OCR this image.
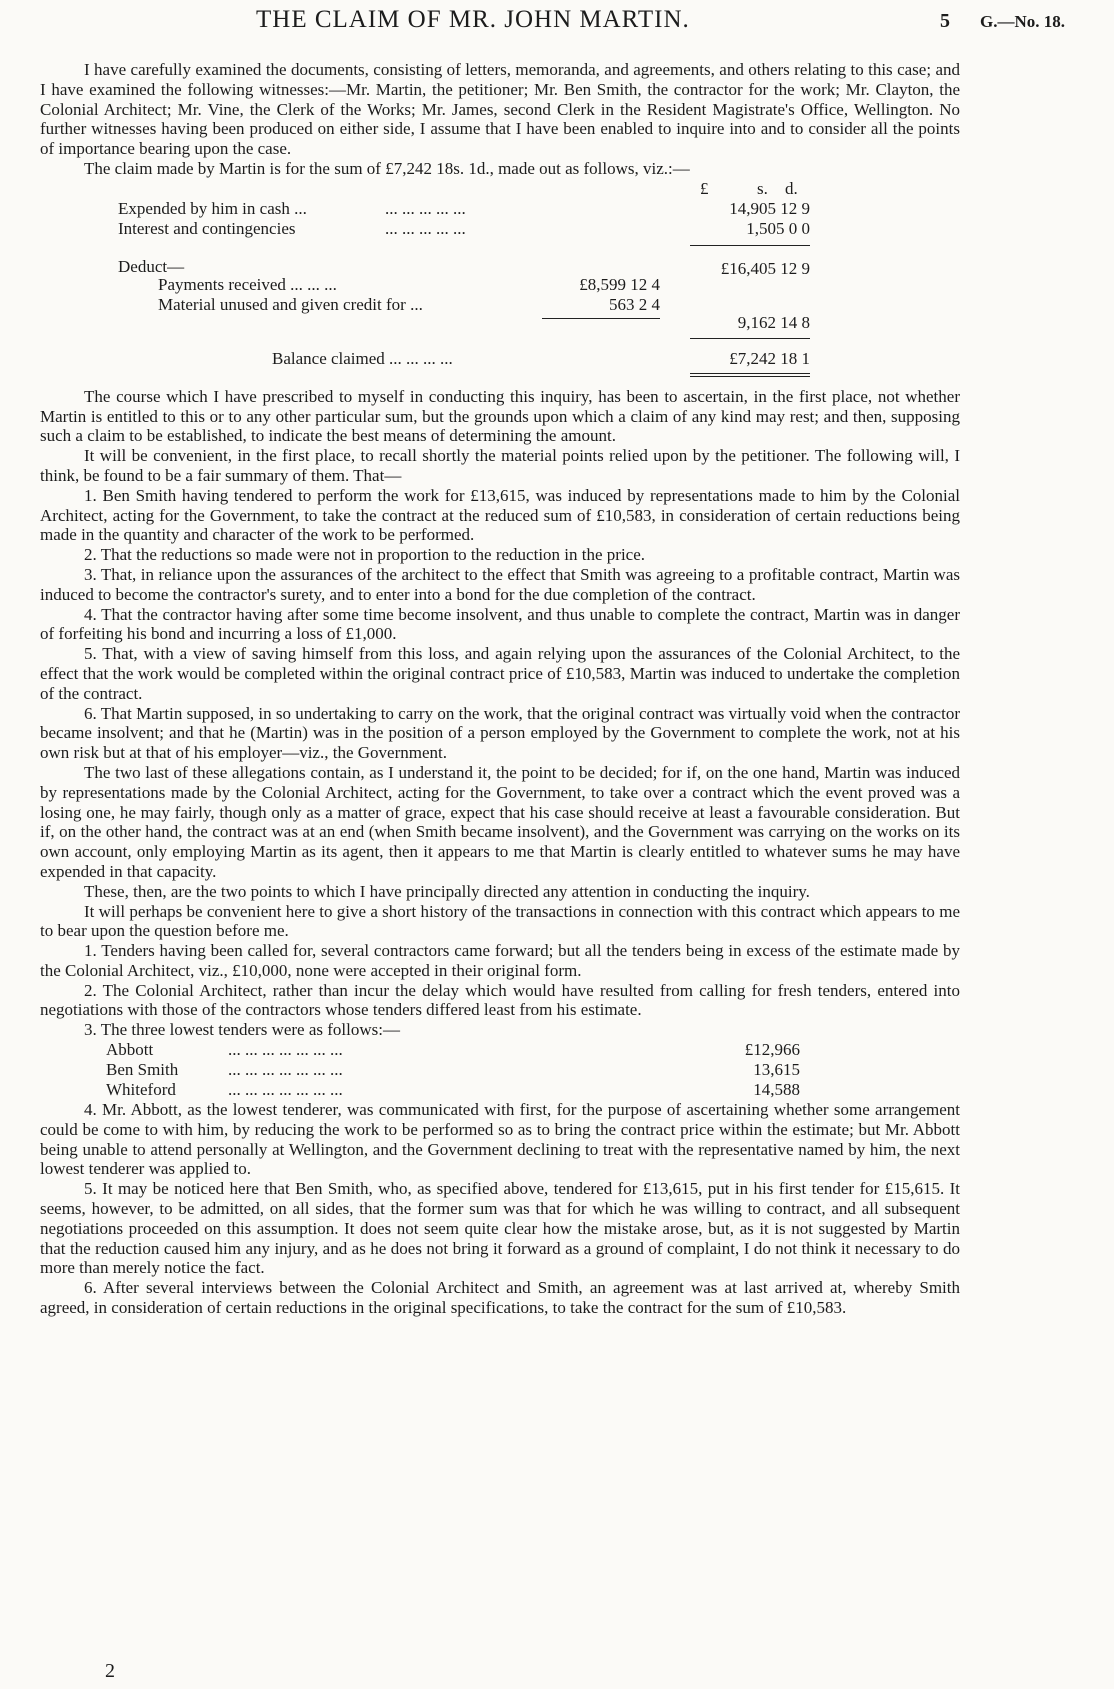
THE CLAIM OF MR. JOHN MARTIN.	5 G.—No. 18.

I have carefully examined the documents, consisting of letters, memoranda, and agreements, and others relating to this case; and I have examined the following witnesses:—Mr. Martin, the petitioner; Mr. Ben Smith, the contractor for the work; Mr. Clayton, the Colonial Architect; Mr. Vine, the Clerk of the Works; Mr. James, second Clerk in the Resident Magistrate's Office, Wellington. No further witnesses having been produced on either side, I assume that I have been enabled to inquire into and to consider all the points of importance bearing upon the case.

The claim made by Martin is for the sum of £7,242 18s. 1d., made out as follows, viz.:—

£	s. d.
Expended by him in cash ...	... ... ... ... ...	14,905 12 9
Interest and contingencies	... ... ... ... ...	1,505 0 0
Deduct—	£16,405 12 9
Payments received ... ... ...	£8,599 12 4
Material unused and given credit for ...	563 2 4
9,162 14 8
Balance claimed ... ... ... ...	£7,242 18 1

The course which I have prescribed to myself in conducting this inquiry, has been to ascertain, in the first place, not whether Martin is entitled to this or to any other particular sum, but the grounds upon which a claim of any kind may rest; and then, supposing such a claim to be established, to indicate the best means of determining the amount.

It will be convenient, in the first place, to recall shortly the material points relied upon by the petitioner. The following will, I think, be found to be a fair summary of them. That—

1. Ben Smith having tendered to perform the work for £13,615, was induced by representations made to him by the Colonial Architect, acting for the Government, to take the contract at the reduced sum of £10,583, in consideration of certain reductions being made in the quantity and character of the work to be performed.

2. That the reductions so made were not in proportion to the reduction in the price.

3. That, in reliance upon the assurances of the architect to the effect that Smith was agreeing to a profitable contract, Martin was induced to become the contractor's surety, and to enter into a bond for the due completion of the contract.

4. That the contractor having after some time become insolvent, and thus unable to complete the contract, Martin was in danger of forfeiting his bond and incurring a loss of £1,000.

5. That, with a view of saving himself from this loss, and again relying upon the assurances of the Colonial Architect, to the effect that the work would be completed within the original contract price of £10,583, Martin was induced to undertake the completion of the contract.

6. That Martin supposed, in so undertaking to carry on the work, that the original contract was virtually void when the contractor became insolvent; and that he (Martin) was in the position of a person employed by the Government to complete the work, not at his own risk but at that of his employer—viz., the Government.

The two last of these allegations contain, as I understand it, the point to be decided; for if, on the one hand, Martin was induced by representations made by the Colonial Architect, acting for the Government, to take over a contract which the event proved was a losing one, he may fairly, though only as a matter of grace, expect that his case should receive at least a favourable consideration. But if, on the other hand, the contract was at an end (when Smith became insolvent), and the Government was carrying on the works on its own account, only employing Martin as its agent, then it appears to me that Martin is clearly entitled to whatever sums he may have expended in that capacity.

These, then, are the two points to which I have principally directed any attention in conducting the inquiry.

It will perhaps be convenient here to give a short history of the transactions in connection with this contract which appears to me to bear upon the question before me.

1. Tenders having been called for, several contractors came forward; but all the tenders being in excess of the estimate made by the Colonial Architect, viz., £10,000, none were accepted in their original form.

2. The Colonial Architect, rather than incur the delay which would have resulted from calling for fresh tenders, entered into negotiations with those of the contractors whose tenders differed least from his estimate.

3. The three lowest tenders were as follows:—

Abbott	... ... ... ... ... ... ...	£12,966
Ben Smith	... ... ... ... ... ... ...	13,615
Whiteford	... ... ... ... ... ... ...	14,588

4. Mr. Abbott, as the lowest tenderer, was communicated with first, for the purpose of ascertaining whether some arrangement could be come to with him, by reducing the work to be performed so as to bring the contract price within the estimate; but Mr. Abbott being unable to attend personally at Wellington, and the Government declining to treat with the representative named by him, the next lowest tenderer was applied to.

5. It may be noticed here that Ben Smith, who, as specified above, tendered for £13,615, put in his first tender for £15,615. It seems, however, to be admitted, on all sides, that the former sum was that for which he was willing to contract, and all subsequent negotiations proceeded on this assumption. It does not seem quite clear how the mistake arose, but, as it is not suggested by Martin that the reduction caused him any injury, and as he does not bring it forward as a ground of complaint, I do not think it necessary to do more than merely notice the fact.

6. After several interviews between the Colonial Architect and Smith, an agreement was at last arrived at, whereby Smith agreed, in consideration of certain reductions in the original specifications, to take the contract for the sum of £10,583.

2
